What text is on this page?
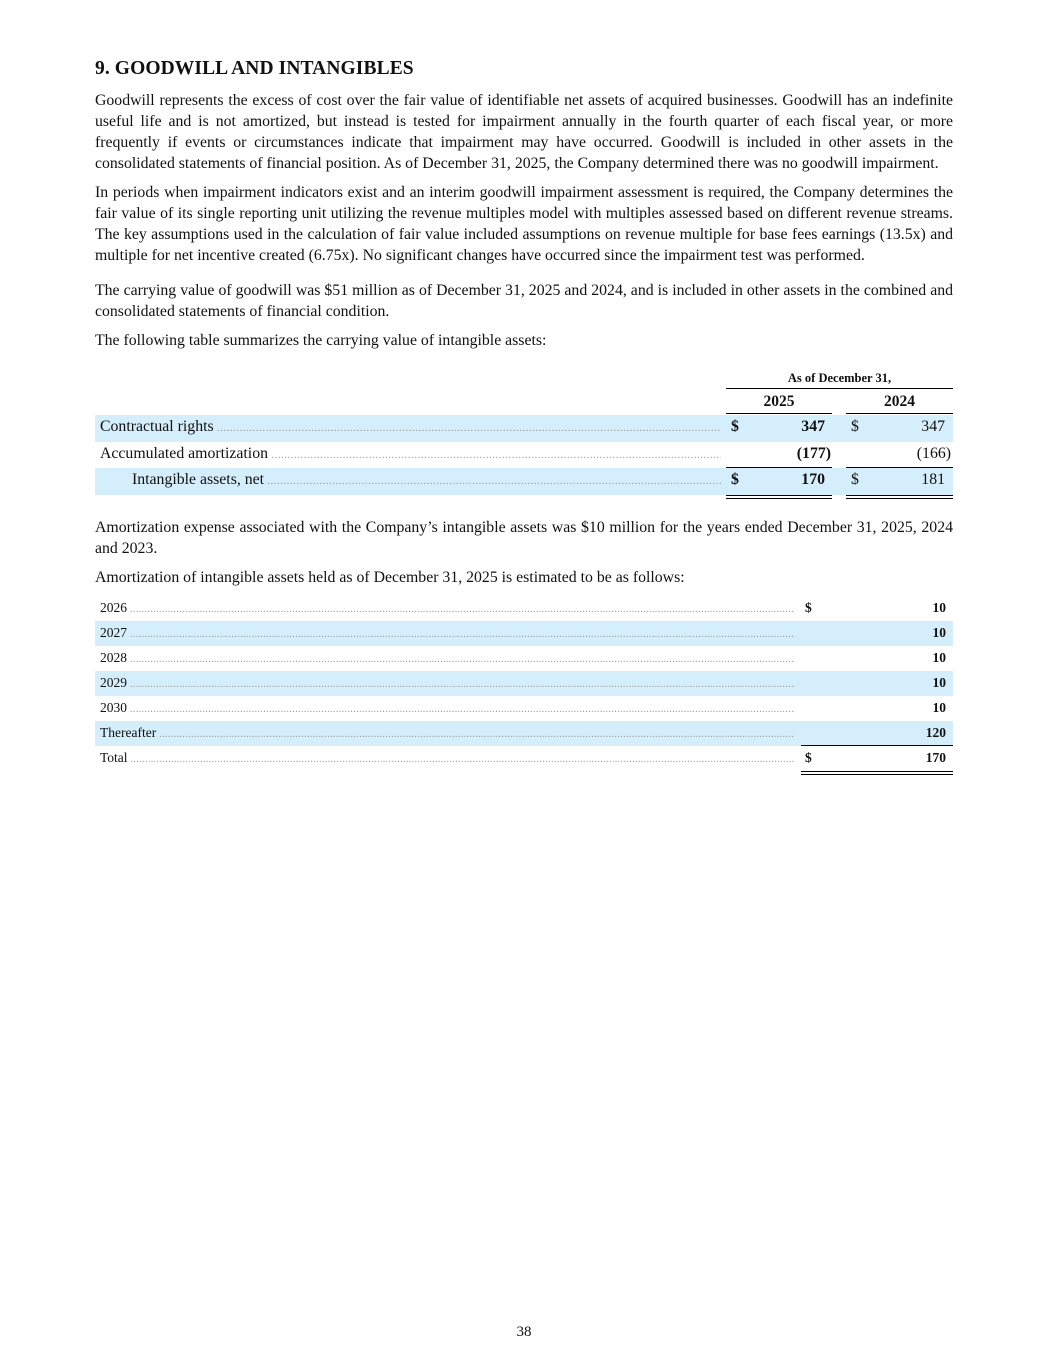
9. GOODWILL AND INTANGIBLES

Goodwill represents the excess of cost over the fair value of identifiable net assets of acquired businesses. Goodwill has an indefinite useful life and is not amortized, but instead is tested for impairment annually in the fourth quarter of each fiscal year, or more frequently if events or circumstances indicate that impairment may have occurred. Goodwill is included in other assets in the consolidated statements of financial position. As of December 31, 2025, the Company determined there was no goodwill impairment.

In periods when impairment indicators exist and an interim goodwill impairment assessment is required, the Company determines the fair value of its single reporting unit utilizing the revenue multiples model with multiples assessed based on different revenue streams. The key assumptions used in the calculation of fair value included assumptions on revenue multiple for base fees earnings (13.5x) and multiple for net incentive created (6.75x). No significant changes have occurred since the impairment test was performed.

The carrying value of goodwill was $51 million as of December 31, 2025 and 2024, and is included in other assets in the combined and consolidated statements of financial condition.

The following table summarizes the carrying value of intangible assets:

As of December 31,
2025	2024
Contractual rights .....	$	347 $	347
Accumulated amortization .....	(177)	(166)
Intangible assets, net .....	$	170 $	181

Amortization expense associated with the Company’s intangible assets was $10 million for the years ended December 31, 2025, 2024 and 2023.

Amortization of intangible assets held as of December 31, 2025 is estimated to be as follows:

2026 .....	$	10
2027 .....	10
2028 .....	10
2029 .....	10
2030 .....	10
Thereafter .....	120
Total .....	$	170
38
